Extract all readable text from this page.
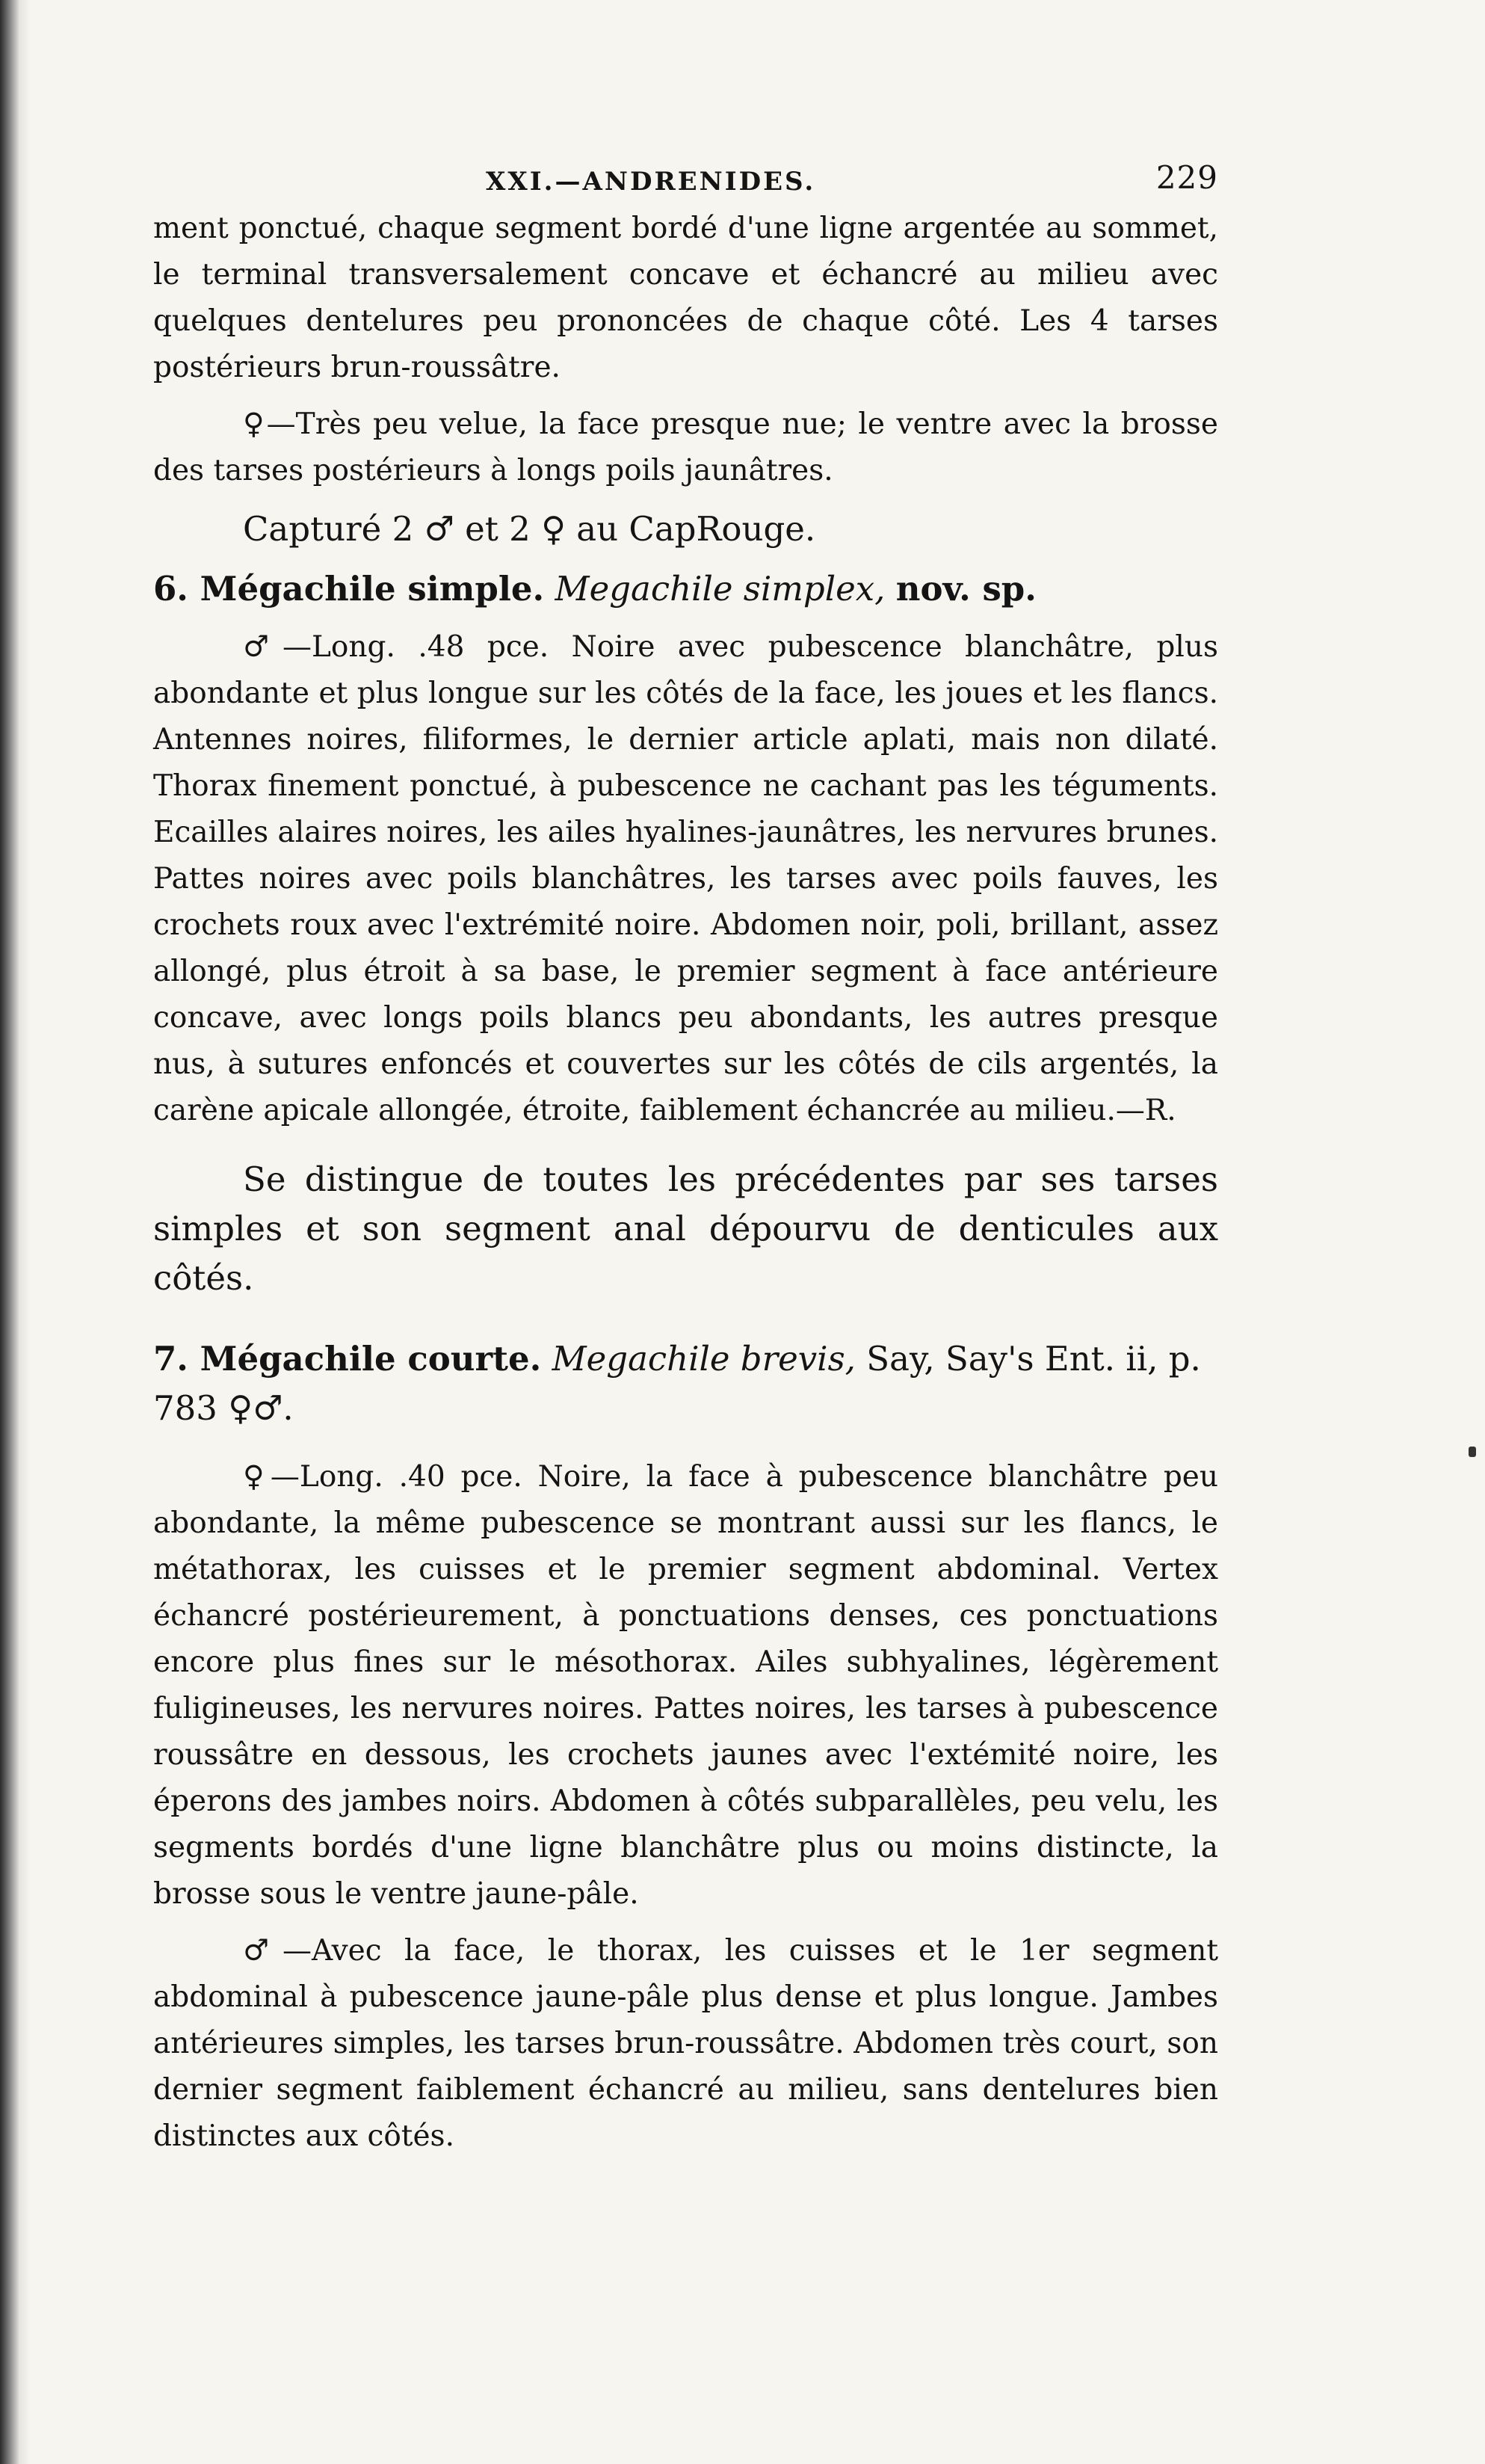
XXI.—ANDRENIDES.	229

ment ponctué, chaque segment bordé d'une ligne argentée au sommet, le terminal transversalement concave et échancré au milieu avec quelques dentelures peu prononcées de chaque côté. Les 4 tarses postérieurs brun-roussâtre.

♀—Très peu velue, la face presque nue; le ventre avec la brosse des tarses postérieurs à longs poils jaunâtres.

Capturé 2 ♂ et 2 ♀ au CapRouge.

6. Mégachile simple. Megachile simplex, nov. sp.

♂—Long. .48 pce. Noire avec pubescence blanchâtre, plus abondante et plus longue sur les côtés de la face, les joues et les flancs. Antennes noires, filiformes, le dernier article aplati, mais non dilaté. Thorax finement ponctué, à pubescence ne cachant pas les téguments. Ecailles alaires noires, les ailes hyalines-jaunâtres, les nervures brunes. Pattes noires avec poils blanchâtres, les tarses avec poils fauves, les crochets roux avec l'extrémité noire. Abdomen noir, poli, brillant, assez allongé, plus étroit à sa base, le premier segment à face antérieure concave, avec longs poils blancs peu abondants, les autres presque nus, à sutures enfoncés et couvertes sur les côtés de cils argentés, la carène apicale allongée, étroite, faiblement échancrée au milieu.—R.

Se distingue de toutes les précédentes par ses tarses simples et son segment anal dépourvu de denticules aux côtés.

7. Mégachile courte. Megachile brevis, Say, Say's Ent. ii, p. 783 ♀♂.

♀—Long. .40 pce. Noire, la face à pubescence blanchâtre peu abondante, la même pubescence se montrant aussi sur les flancs, le métathorax, les cuisses et le premier segment abdominal. Vertex échancré postérieurement, à ponctuations denses, ces ponctuations encore plus fines sur le mésothorax. Ailes subhyalines, légèrement fuligineuses, les nervures noires. Pattes noires, les tarses à pubescence roussâtre en dessous, les crochets jaunes avec l'extémité noire, les éperons des jambes noirs. Abdomen à côtés subparallèles, peu velu, les segments bordés d'une ligne blanchâtre plus ou moins distincte, la brosse sous le ventre jaune-pâle.

♂—Avec la face, le thorax, les cuisses et le 1er segment abdominal à pubescence jaune-pâle plus dense et plus longue. Jambes antérieures simples, les tarses brun-roussâtre. Abdomen très court, son dernier segment faiblement échancré au milieu, sans dentelures bien distinctes aux côtés.
